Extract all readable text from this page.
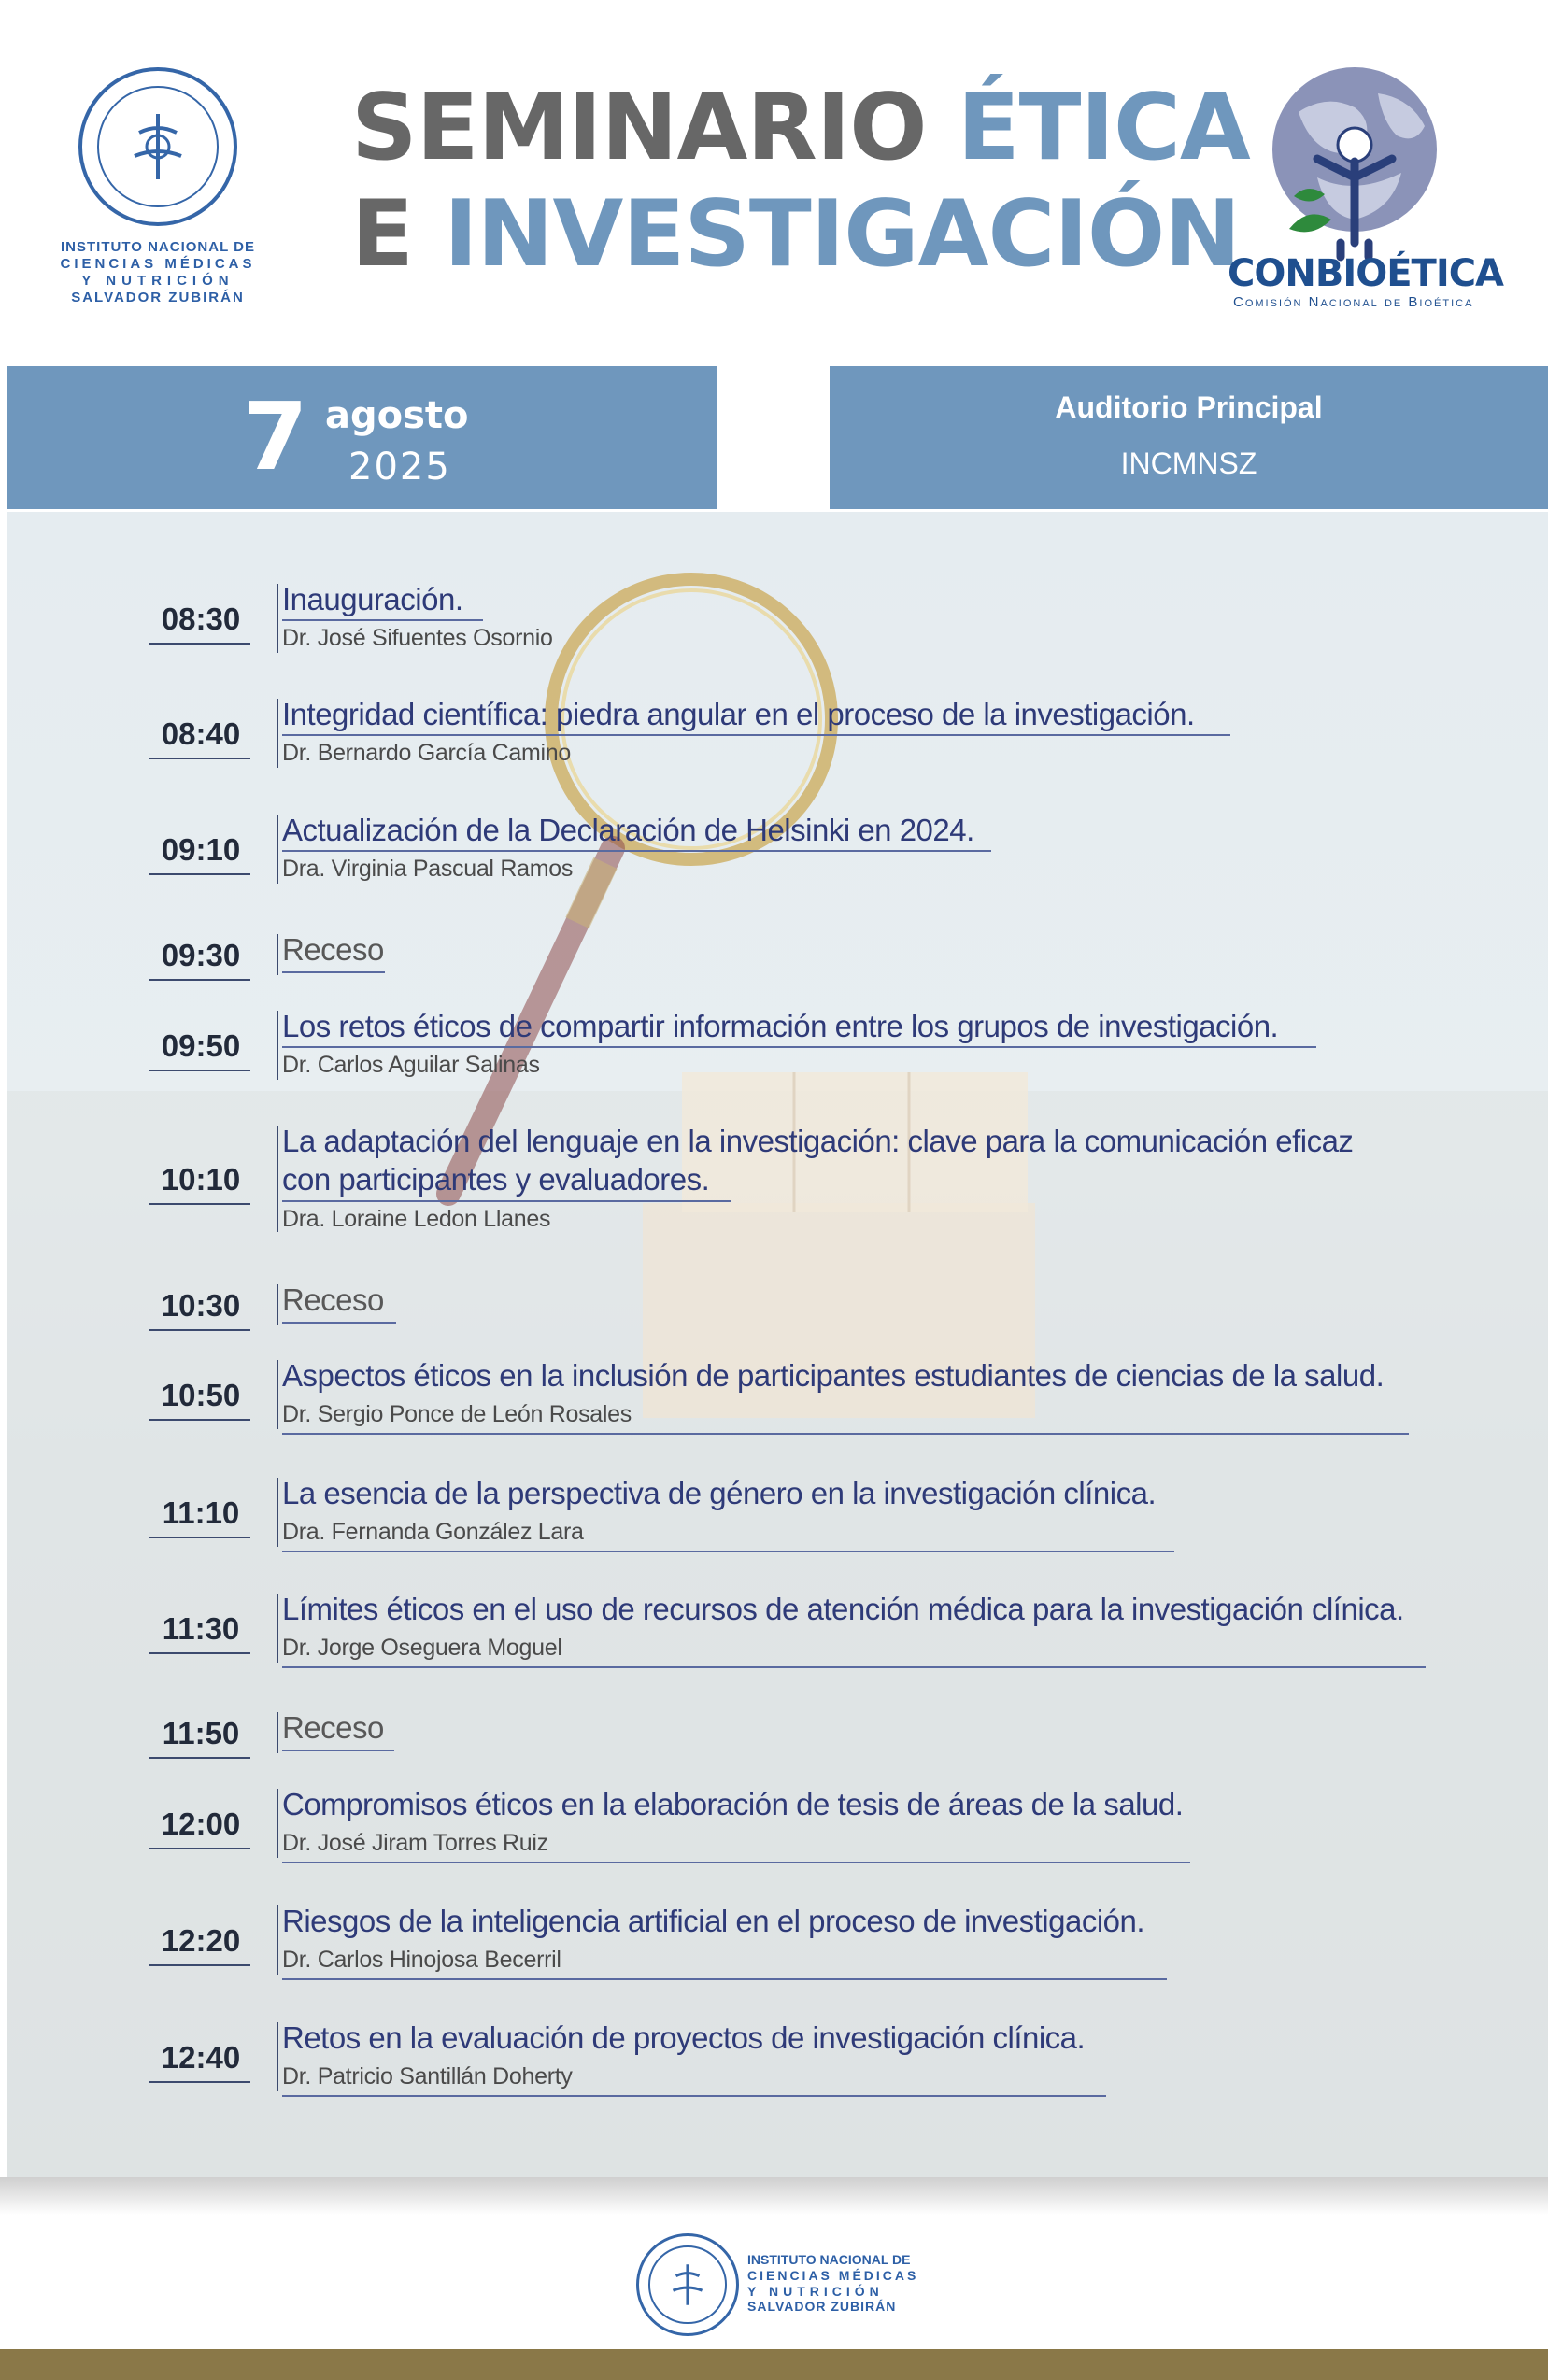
INSTITUTO NACIONAL DE
CIENCIAS MÉDICAS
Y NUTRICIÓN
SALVADOR ZUBIRÁN
SEMINARIO ÉTICA
E INVESTIGACIÓN
CONBIOÉTICA
Comisión Nacional de Bioética
7 agosto
2025
Auditorio Principal
INCMNSZ
INSTITUTO NACIONAL DE
CIENCIAS MÉDICAS
Y NUTRICIÓN
SALVADOR ZUBIRÁN
08:30
Inauguración.
Dr. José Sifuentes Osornio
08:40
Integridad científica: piedra angular en el proceso de la investigación.
Dr. Bernardo García Camino
09:10
Actualización de la Declaración de Helsinki en 2024.
Dra. Virginia Pascual Ramos
09:30 Receso
09:50
Los retos éticos de compartir información entre los grupos de investigación.
Dr. Carlos Aguilar Salinas
10:10
La adaptación del lenguaje en la investigación: clave para la comunicación eficaz
con participantes y evaluadores.
Dra. Loraine Ledon Llanes
10:30 Receso
10:50
Aspectos éticos en la inclusión de participantes estudiantes de ciencias de la salud.
Dr. Sergio Ponce de León Rosales
11:10
La esencia de la perspectiva de género en la investigación clínica.
Dra. Fernanda González Lara
11:30
Límites éticos en el uso de recursos de atención médica para la investigación clínica.
Dr. Jorge Oseguera Moguel
11:50 Receso
12:00
Compromisos éticos en la elaboración de tesis de áreas de la salud.
Dr. José Jiram Torres Ruiz
12:20
Riesgos de la inteligencia artificial en el proceso de investigación.
Dr. Carlos Hinojosa Becerril
12:40
Retos en la evaluación de proyectos de investigación clínica.
Dr. Patricio Santillán Doherty
